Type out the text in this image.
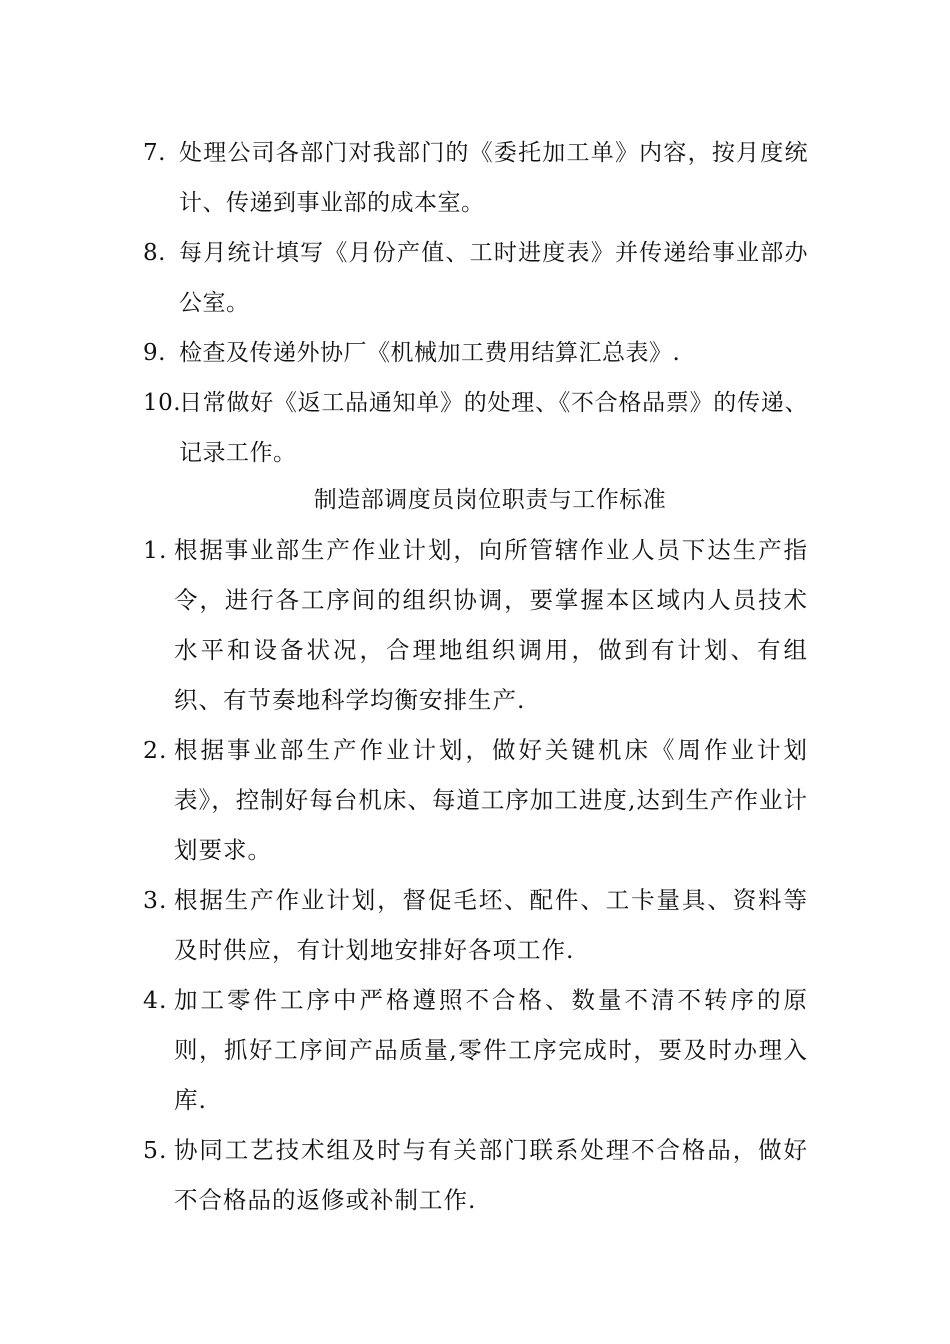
7. 处理公司各部门对我部门的《委托加工单》内容，按月度统计、传递到事业部的成本室。
8. 每月统计填写《月份产值、工时进度表》并传递给事业部办公室。
9. 检查及传递外协厂《机械加工费用结算汇总表》.
10.
日常做好《返工品通知单》的处理、《不合格品票》的传递、记录工作。
制造部调度员岗位职责与工作标准
1. 根据事业部生产作业计划，向所管辖作业人员下达生产指　　　　令，进行各工序间的组织协调，要掌握本区域内人员技术水平和设备状况，合理地组织调用，做到有计划、有组织、有节奏地科学均衡安排生产.
2. 根据事业部生产作业计划，做好关键机床《周作业计划表》，控制好每台机床、每道工序加工进度,达到生产作业计划要求。
3. 根据生产作业计划，督促毛坯、配件、工卡量具、资料等及时供应，有计划地安排好各项工作.
4. 加工零件工序中严格遵照不合格、数量不清不转序的原则，抓好工序间产品质量,零件工序完成时，要及时办理入库.
5. 协同工艺技术组及时与有关部门联系处理不合格品，做好不合格品的返修或补制工作.
